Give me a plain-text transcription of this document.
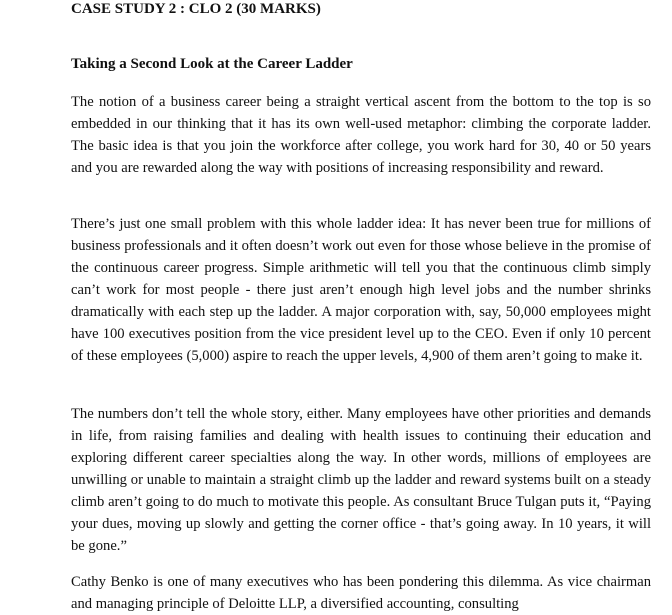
CASE STUDY 2 : CLO 2 (30 MARKS)
Taking a Second Look at the Career Ladder

The notion of a business career being a straight vertical ascent from the bottom to the top is so embedded in our thinking that it has its own well-used metaphor: climbing the corporate ladder. The basic idea is that you join the workforce after college, you work hard for 30, 40 or 50 years and you are rewarded along the way with positions of increasing responsibility and reward.

There’s just one small problem with this whole ladder idea: It has never been true for millions of business professionals and it often doesn’t work out even for those whose believe in the promise of the continuous career progress. Simple arithmetic will tell you that the continuous climb simply can’t work for most people - there just aren’t enough high level jobs and the number shrinks dramatically with each step up the ladder. A major corporation with, say, 50,000 employees might have 100 executives position from the vice president level up to the CEO. Even if only 10 percent of these employees (5,000) aspire to reach the upper levels, 4,900 of them aren’t going to make it.

The numbers don’t tell the whole story, either. Many employees have other priorities and demands in life, from raising families and dealing with health issues to continuing their education and exploring different career specialties along the way. In other words, millions of employees are unwilling or unable to maintain a straight climb up the ladder and reward systems built on a steady climb aren’t going to do much to motivate this people. As consultant Bruce Tulgan puts it, “Paying your dues, moving up slowly and getting the corner office - that’s going away. In 10 years, it will be gone.”

Cathy Benko is one of many executives who has been pondering this dilemma. As vice chairman and managing principle of Deloitte LLP, a diversified accounting, consulting
